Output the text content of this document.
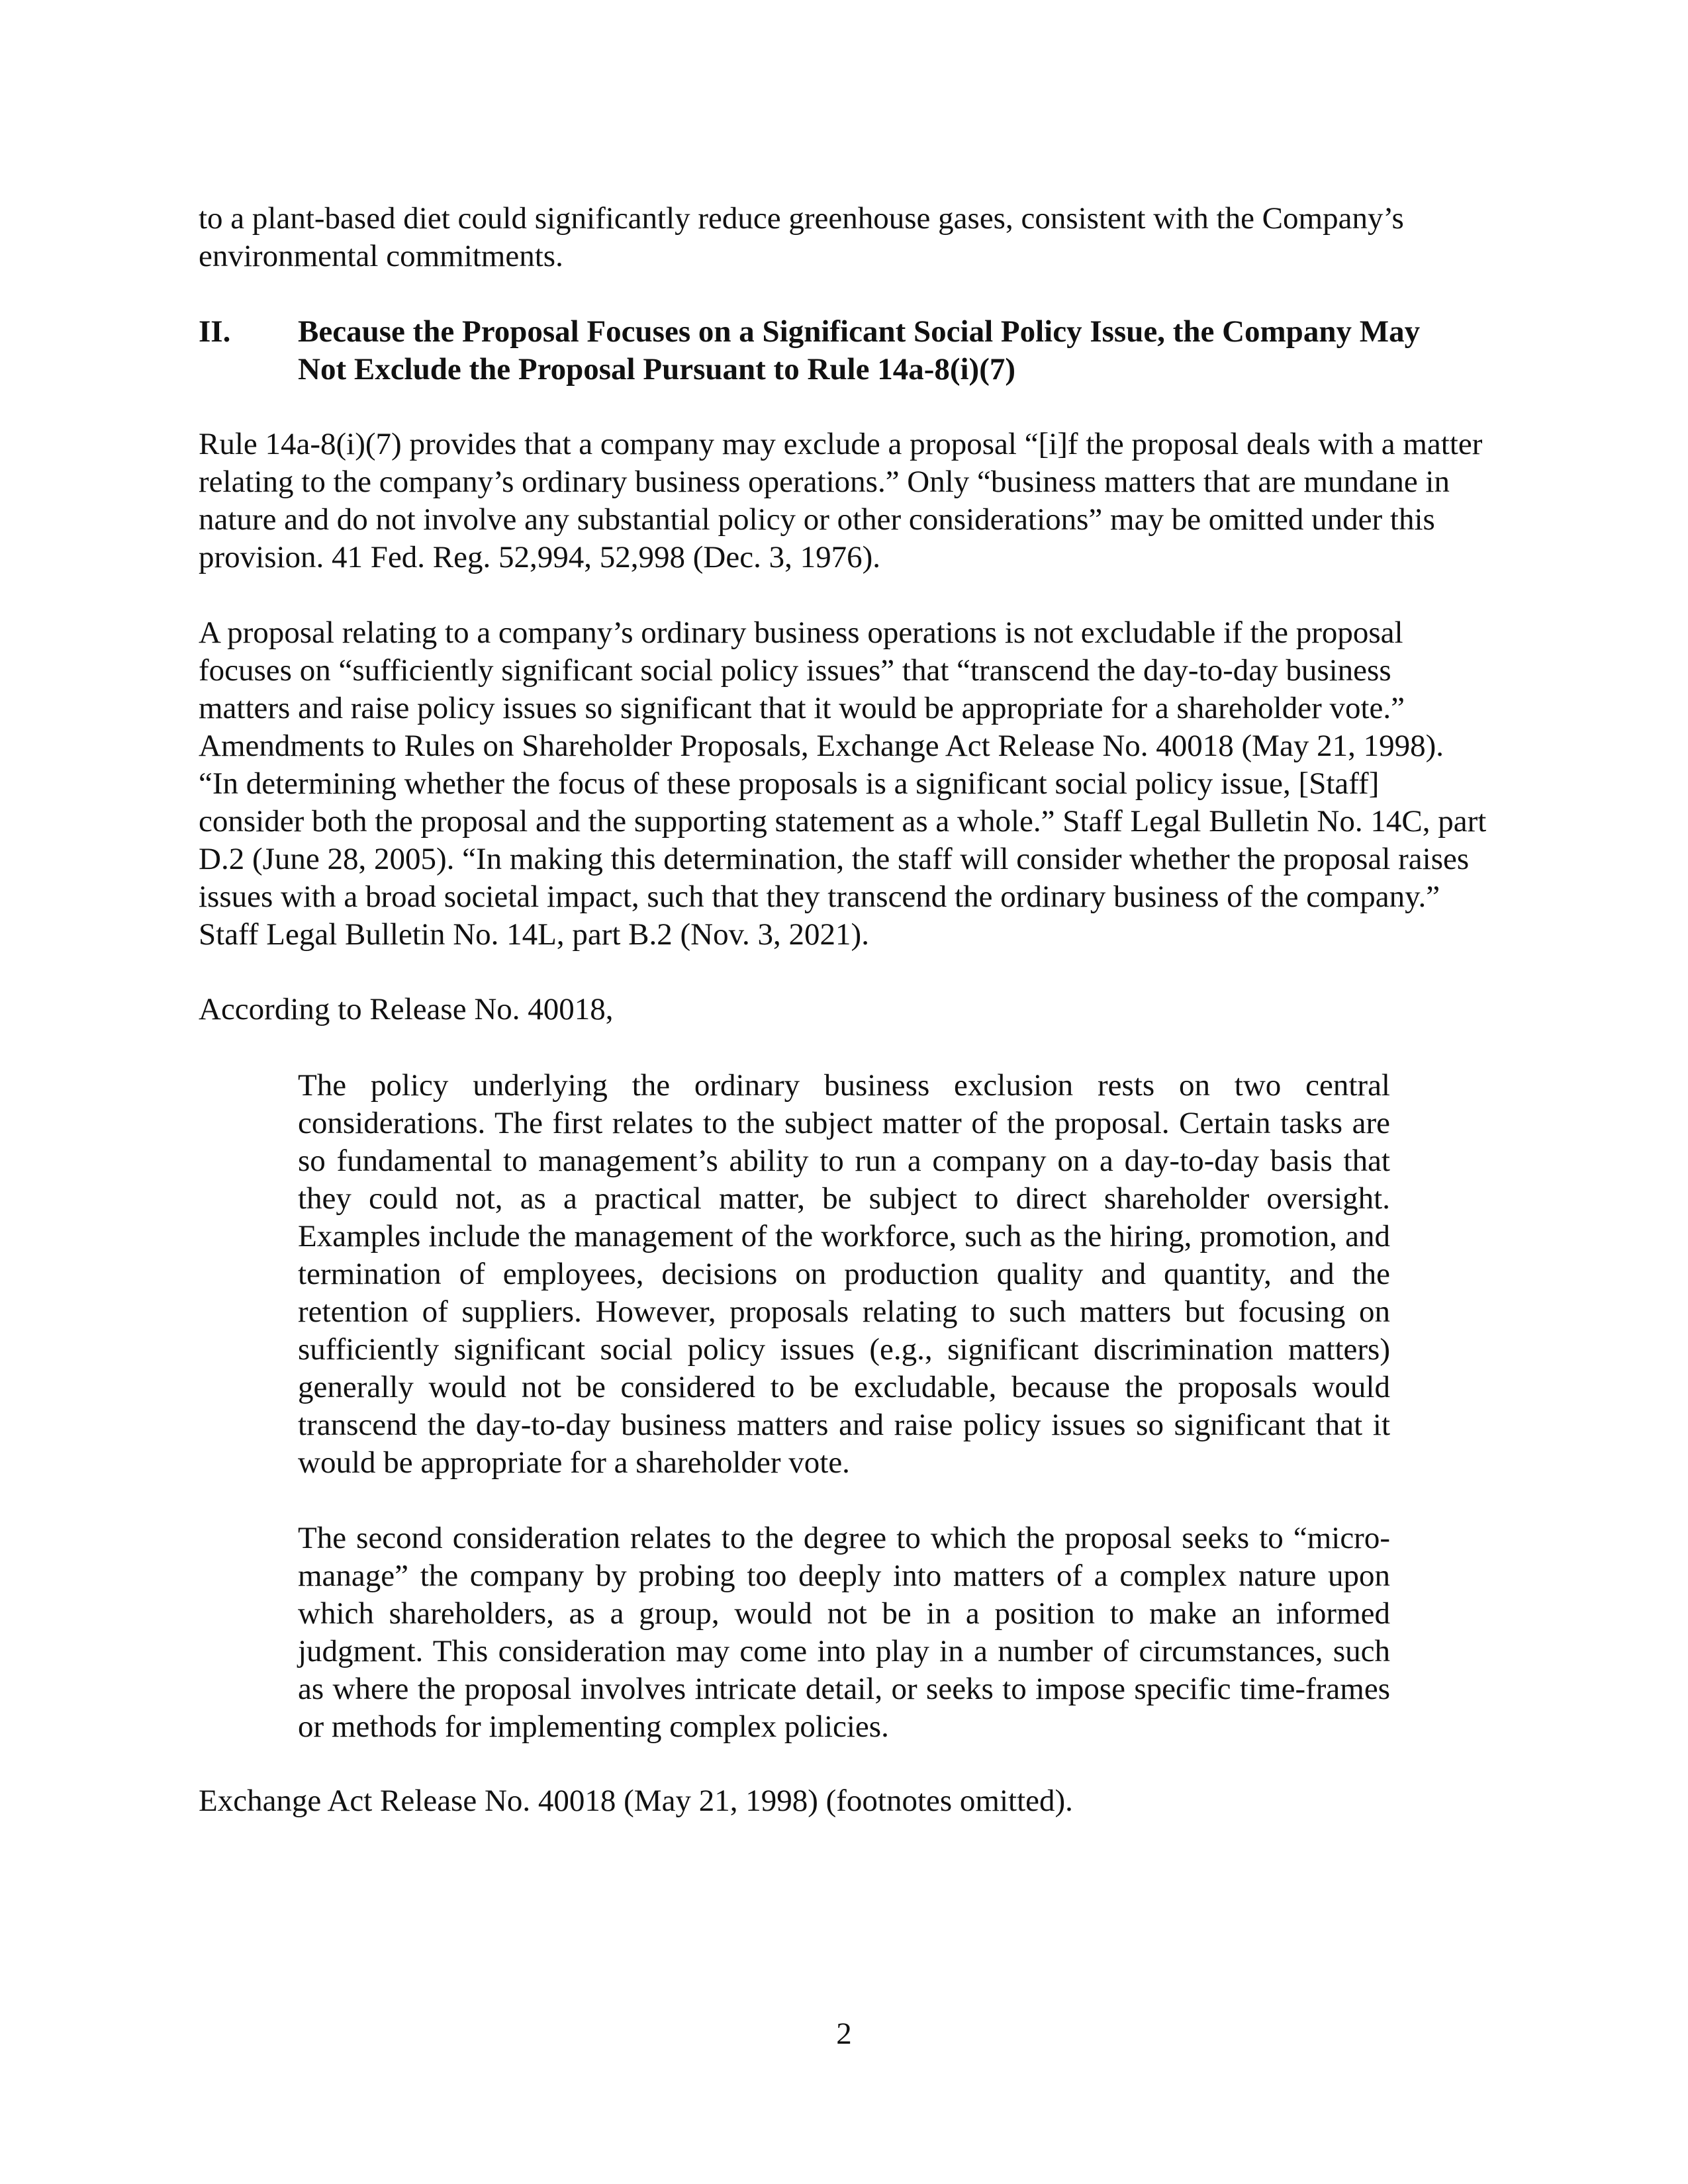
to a plant-based diet could significantly reduce greenhouse gases, consistent with the Company’s environmental commitments.

II. Because the Proposal Focuses on a Significant Social Policy Issue, the Company May Not Exclude the Proposal Pursuant to Rule 14a-8(i)(7)

Rule 14a-8(i)(7) provides that a company may exclude a proposal “[i]f the proposal deals with a matter relating to the company’s ordinary business operations.” Only “business matters that are mundane in nature and do not involve any substantial policy or other considerations” may be omitted under this provision. 41 Fed. Reg. 52,994, 52,998 (Dec. 3, 1976).

A proposal relating to a company’s ordinary business operations is not excludable if the proposal focuses on “sufficiently significant social policy issues” that “transcend the day-to-day business matters and raise policy issues so significant that it would be appropriate for a shareholder vote.” Amendments to Rules on Shareholder Proposals, Exchange Act Release No. 40018 (May 21, 1998). “In determining whether the focus of these proposals is a significant social policy issue, [Staff] consider both the proposal and the supporting statement as a whole.” Staff Legal Bulletin No. 14C, part D.2 (June 28, 2005). “In making this determination, the staff will consider whether the proposal raises issues with a broad societal impact, such that they transcend the ordinary business of the company.” Staff Legal Bulletin No. 14L, part B.2 (Nov. 3, 2021).

According to Release No. 40018,

The policy underlying the ordinary business exclusion rests on two central considerations. The first relates to the subject matter of the proposal. Certain tasks are so fundamental to management’s ability to run a company on a day-to-day basis that they could not, as a practical matter, be subject to direct shareholder oversight. Examples include the management of the workforce, such as the hiring, promotion, and termination of employees, decisions on production quality and quantity, and the retention of suppliers. However, proposals relating to such matters but focusing on sufficiently significant social policy issues (e.g., significant discrimination matters) generally would not be considered to be excludable, because the proposals would transcend the day-to-day business matters and raise policy issues so significant that it would be appropriate for a shareholder vote.

The second consideration relates to the degree to which the proposal seeks to “micro-manage” the company by probing too deeply into matters of a complex nature upon which shareholders, as a group, would not be in a position to make an informed judgment. This consideration may come into play in a number of circumstances, such as where the proposal involves intricate detail, or seeks to impose specific time-frames or methods for implementing complex policies.

Exchange Act Release No. 40018 (May 21, 1998) (footnotes omitted).

2
